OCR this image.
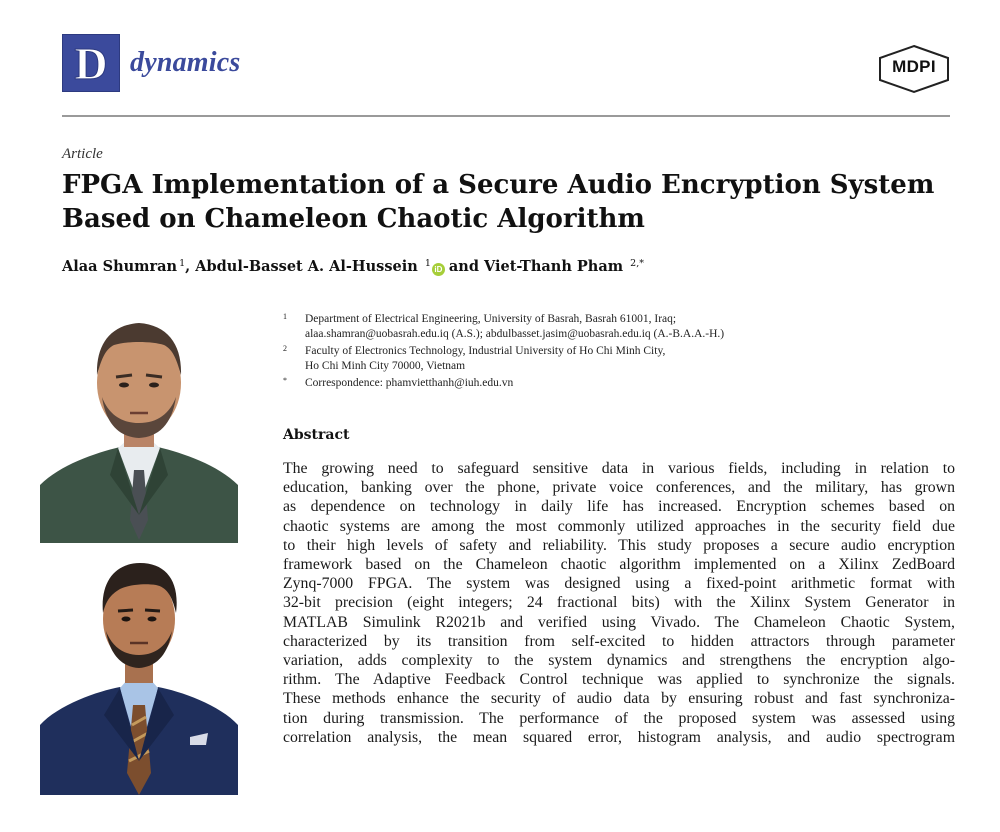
D dynamics	MDPI
Article
FPGA Implementation of a Secure Audio Encryption System
Based on Chameleon Chaotic Algorithm
Alaa Shumran$^1$ ,
Abdul-Basset A. Al-Hussein
$^1$
iD and Viet-Thanh Pham
$^{2,*}$
1 Department of Electrical Engineering, University of Basrah, Basrah 61001, Iraq;
alaa.shamran@uobasrah.edu.iq (A.S.); abdulbasset.jasim@uobasrah.edu.iq (A.-B.A.A.-H.)
2 Faculty of Electronics Technology, Industrial University of Ho Chi Minh City,
Ho Chi Minh City 70000, Vietnam
* Correspondence: phamvietthanh@iuh.edu.vn
Abstract
The growing need to safeguard sensitive data in various fields, including in relation to
education, banking over the phone, private voice conferences, and the military, has grown
as dependence on technology in daily life has increased. Encryption schemes based on
chaotic systems are among the most commonly utilized approaches in the security field due
to their high levels of safety and reliability. This study proposes a secure audio encryption
framework based on the Chameleon chaotic algorithm implemented on a Xilinx ZedBoard
Zynq-7000 FPGA. The system was designed using a fixed-point arithmetic format with
32-bit precision (eight integers; 24 fractional bits) with the Xilinx System Generator in
MATLAB Simulink R2021b and verified using Vivado. The Chameleon Chaotic System,
characterized by its transition from self-excited to hidden attractors through parameter
variation, adds complexity to the system dynamics and strengthens the encryption algo-
rithm. The Adaptive Feedback Control technique was applied to synchronize the signals.
These methods enhance the security of audio data by ensuring robust and fast synchroniza-
tion during transmission. The performance of the proposed system was assessed using
correlation analysis, the mean squared error, histogram analysis, and audio spectrogram
